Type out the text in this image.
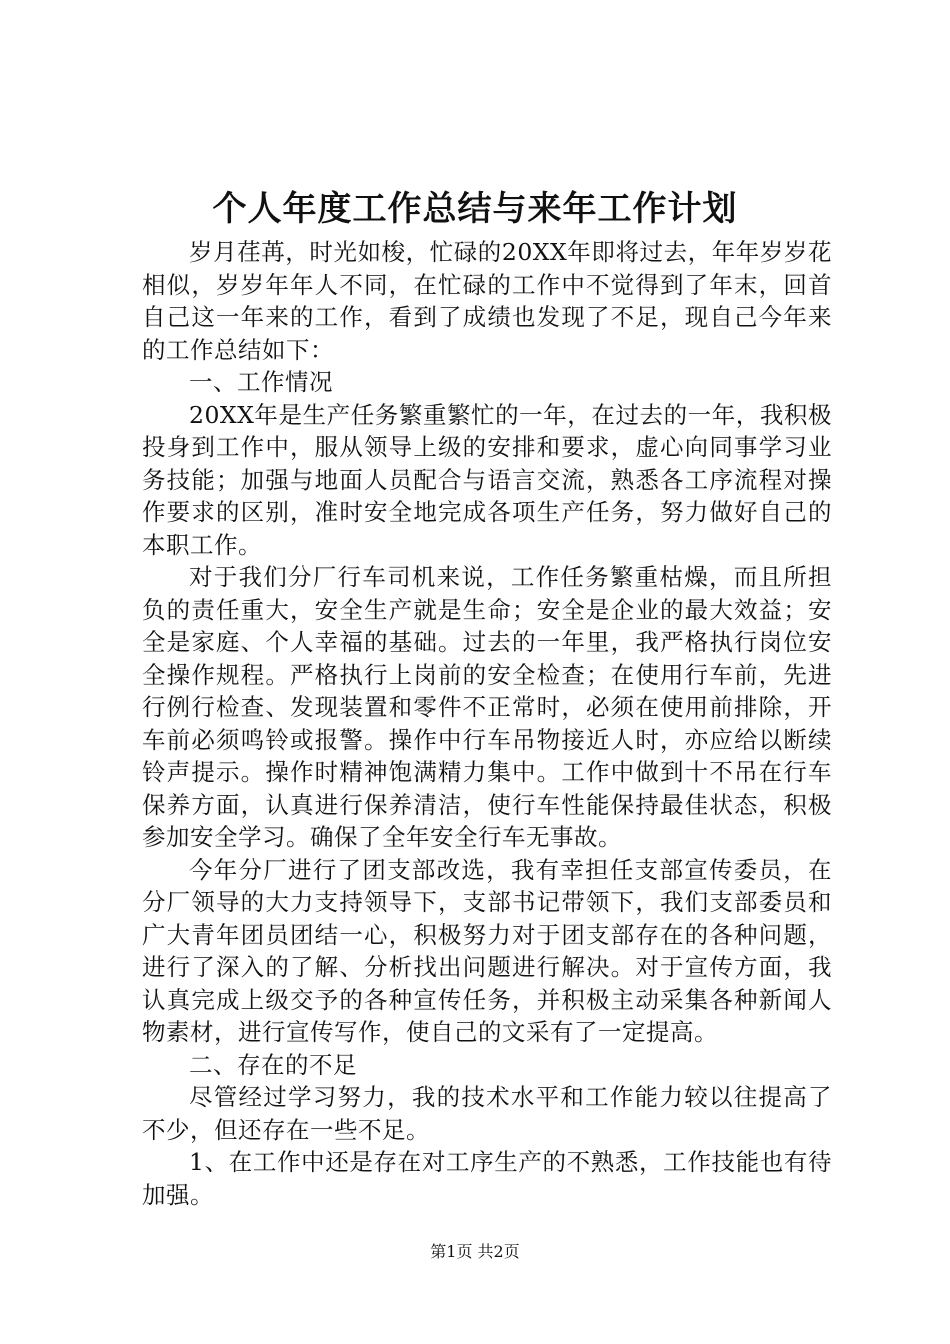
个人年度工作总结与来年工作计划

岁月荏苒，时光如梭，忙碌的20XX年即将过去，年年岁岁花相似，岁岁年年人不同，在忙碌的工作中不觉得到了年末，回首自己这一年来的工作，看到了成绩也发现了不足，现自己今年来的工作总结如下：

一、工作情况

20XX年是生产任务繁重繁忙的一年，在过去的一年，我积极投身到工作中，服从领导上级的安排和要求，虚心向同事学习业务技能；加强与地面人员配合与语言交流，熟悉各工序流程对操作要求的区别，准时安全地完成各项生产任务，努力做好自己的本职工作。

对于我们分厂行车司机来说，工作任务繁重枯燥，而且所担负的责任重大，安全生产就是生命；安全是企业的最大效益；安全是家庭、个人幸福的基础。过去的一年里，我严格执行岗位安全操作规程。严格执行上岗前的安全检查；在使用行车前，先进行例行检查、发现装置和零件不正常时，必须在使用前排除，开车前必须鸣铃或报警。操作中行车吊物接近人时，亦应给以断续铃声提示。操作时精神饱满精力集中。工作中做到十不吊在行车保养方面，认真进行保养清洁，使行车性能保持最佳状态，积极参加安全学习。确保了全年安全行车无事故。

今年分厂进行了团支部改选，我有幸担任支部宣传委员，在分厂领导的大力支持领导下，支部书记带领下，我们支部委员和广大青年团员团结一心，积极努力对于团支部存在的各种问题，进行了深入的了解、分析找出问题进行解决。对于宣传方面，我认真完成上级交予的各种宣传任务，并积极主动采集各种新闻人物素材，进行宣传写作，使自己的文采有了一定提高。

二、存在的不足

尽管经过学习努力，我的技术水平和工作能力较以往提高了不少，但还存在一些不足。

1、在工作中还是存在对工序生产的不熟悉，工作技能也有待加强。

第1页 共2页
